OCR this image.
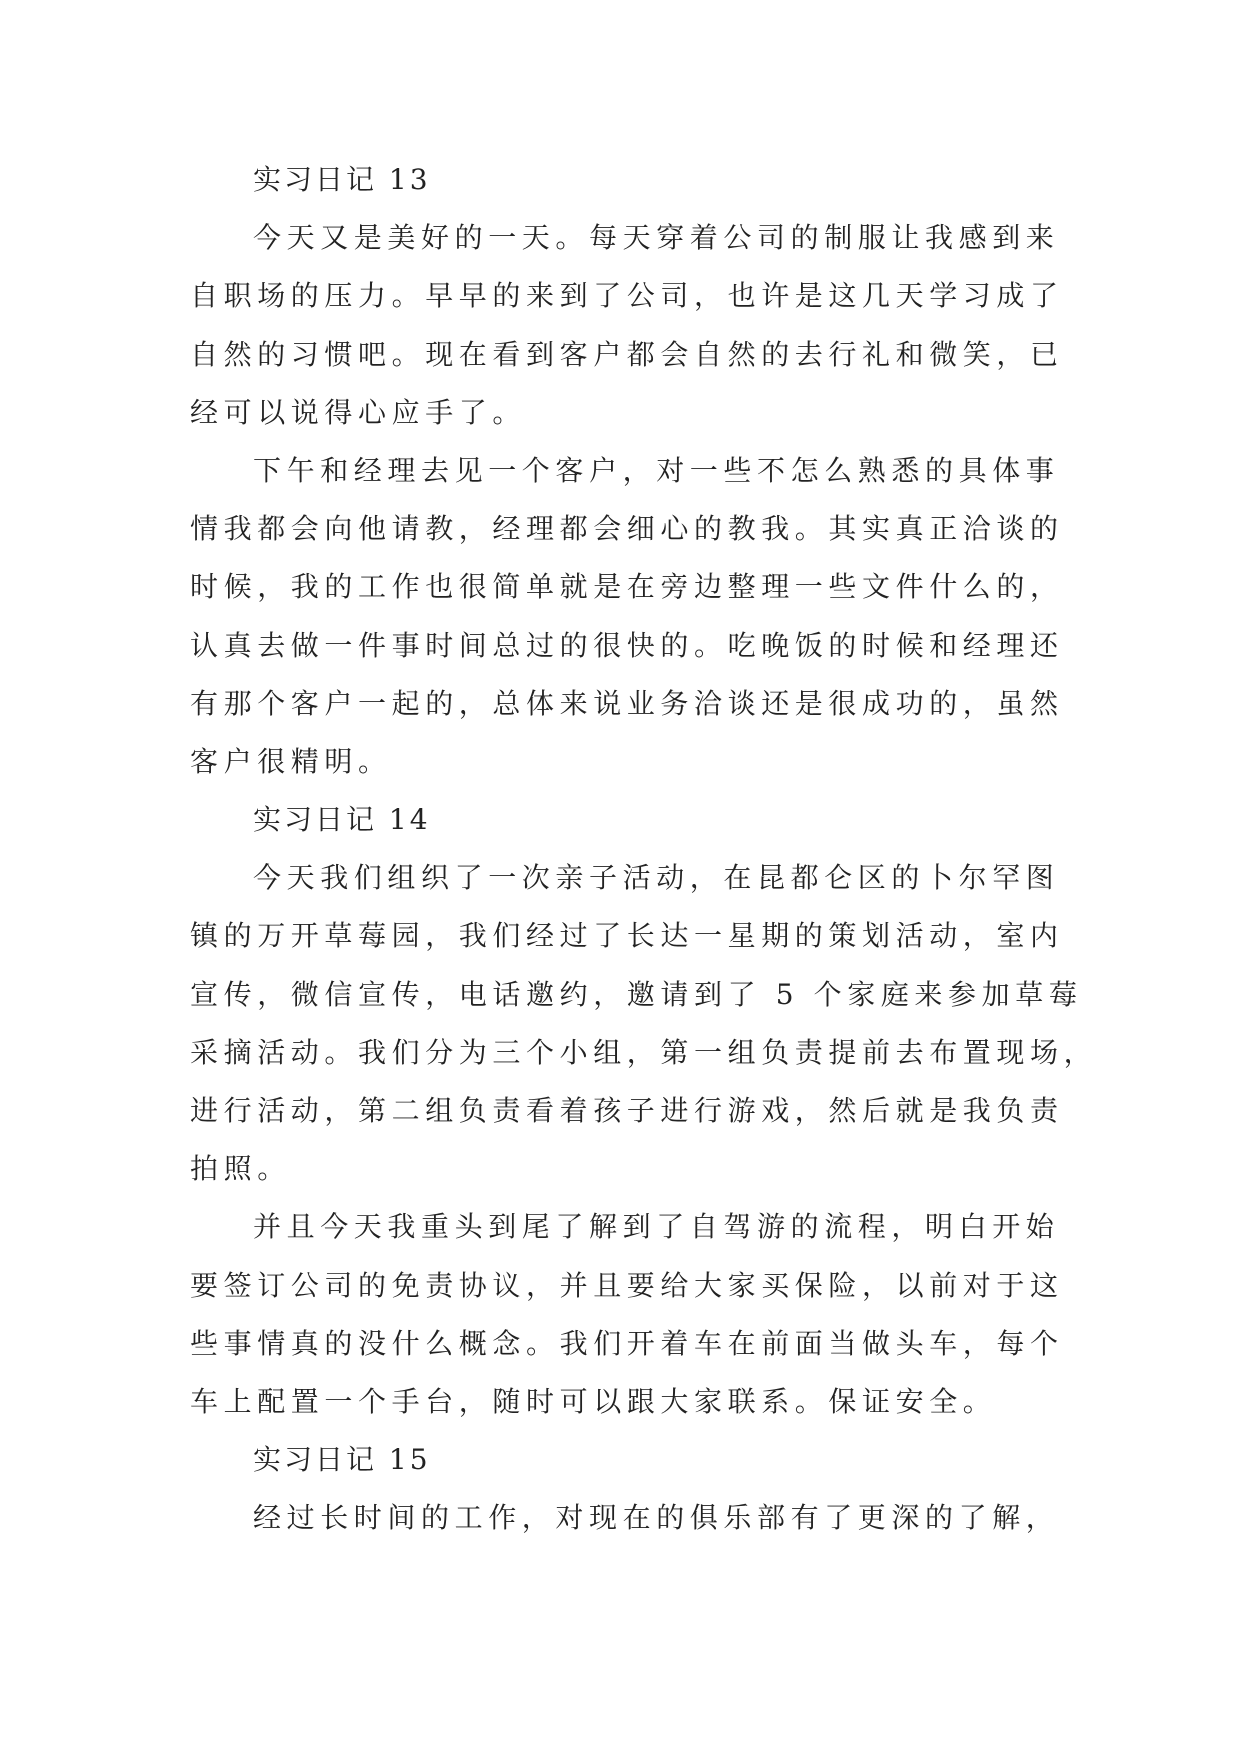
实习日记 13
今天又是美好的一天。每天穿着公司的制服让我感到来
自职场的压力。早早的来到了公司，也许是这几天学习成了
自然的习惯吧。现在看到客户都会自然的去行礼和微笑，已
经可以说得心应手了。
下午和经理去见一个客户，对一些不怎么熟悉的具体事
情我都会向他请教，经理都会细心的教我。其实真正洽谈的
时候，我的工作也很简单就是在旁边整理一些文件什么的，
认真去做一件事时间总过的很快的。吃晚饭的时候和经理还
有那个客户一起的，总体来说业务洽谈还是很成功的，虽然
客户很精明。
实习日记 14
今天我们组织了一次亲子活动，在昆都仑区的卜尔罕图
镇的万开草莓园，我们经过了长达一星期的策划活动，室内
宣传，微信宣传，电话邀约，邀请到了 5 个家庭来参加草莓
采摘活动。我们分为三个小组，第一组负责提前去布置现场，
进行活动，第二组负责看着孩子进行游戏，然后就是我负责
拍照。
并且今天我重头到尾了解到了自驾游的流程，明白开始
要签订公司的免责协议，并且要给大家买保险，以前对于这
些事情真的没什么概念。我们开着车在前面当做头车，每个
车上配置一个手台，随时可以跟大家联系。保证安全。
实习日记 15
经过长时间的工作，对现在的俱乐部有了更深的了解，
